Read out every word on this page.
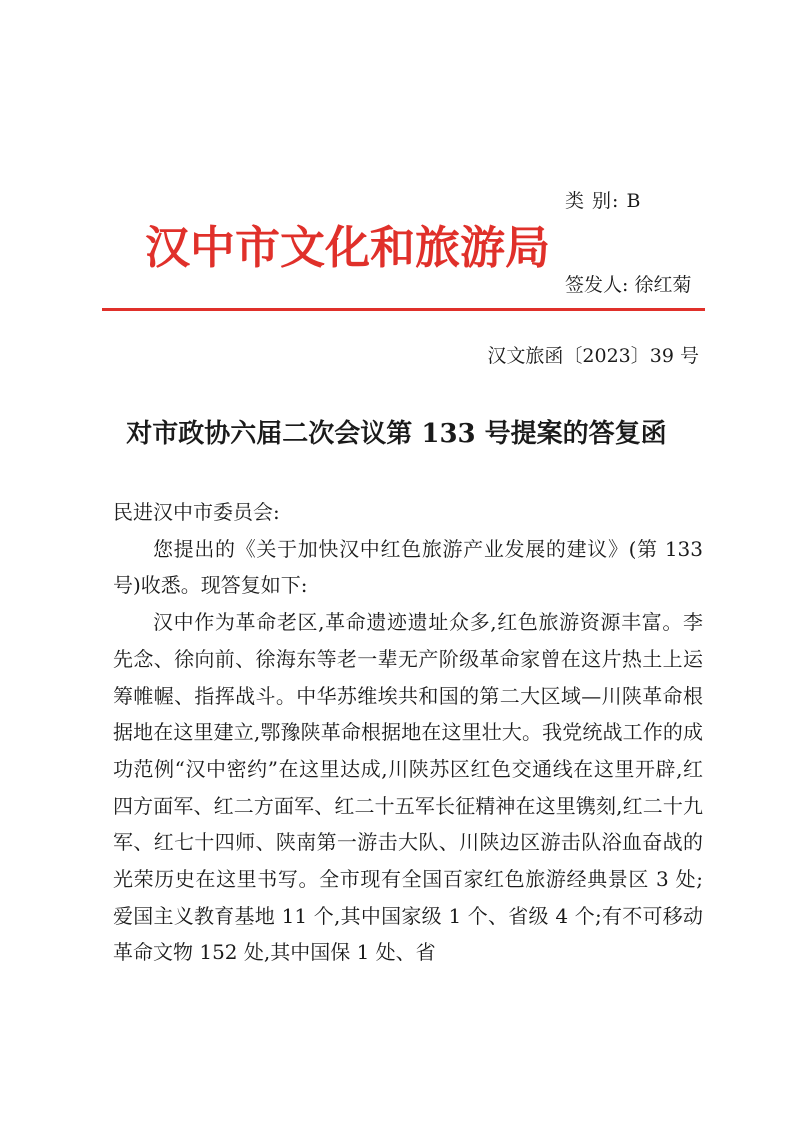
类 别: B
汉中市文化和旅游局
签发人: 徐红菊
汉文旅函〔2023〕39 号
对市政协六届二次会议第 133 号提案的答复函

民进汉中市委员会:

您提出的《关于加快汉中红色旅游产业发展的建议》(第 133 号)收悉。现答复如下:

汉中作为革命老区,革命遗迹遗址众多,红色旅游资源丰富。李先念、徐向前、徐海东等老一辈无产阶级革命家曾在这片热土上运筹帷幄、指挥战斗。中华苏维埃共和国的第二大区域—川陕革命根据地在这里建立,鄂豫陕革命根据地在这里壮大。我党统战工作的成功范例“汉中密约”在这里达成,川陕苏区红色交通线在这里开辟,红四方面军、红二方面军、红二十五军长征精神在这里镌刻,红二十九军、红七十四师、陕南第一游击大队、川陕边区游击队浴血奋战的光荣历史在这里书写。全市现有全国百家红色旅游经典景区 3 处;爱国主义教育基地 11 个,其中国家级 1 个、省级 4 个;有不可移动革命文物 152 处,其中国保 1 处、省
